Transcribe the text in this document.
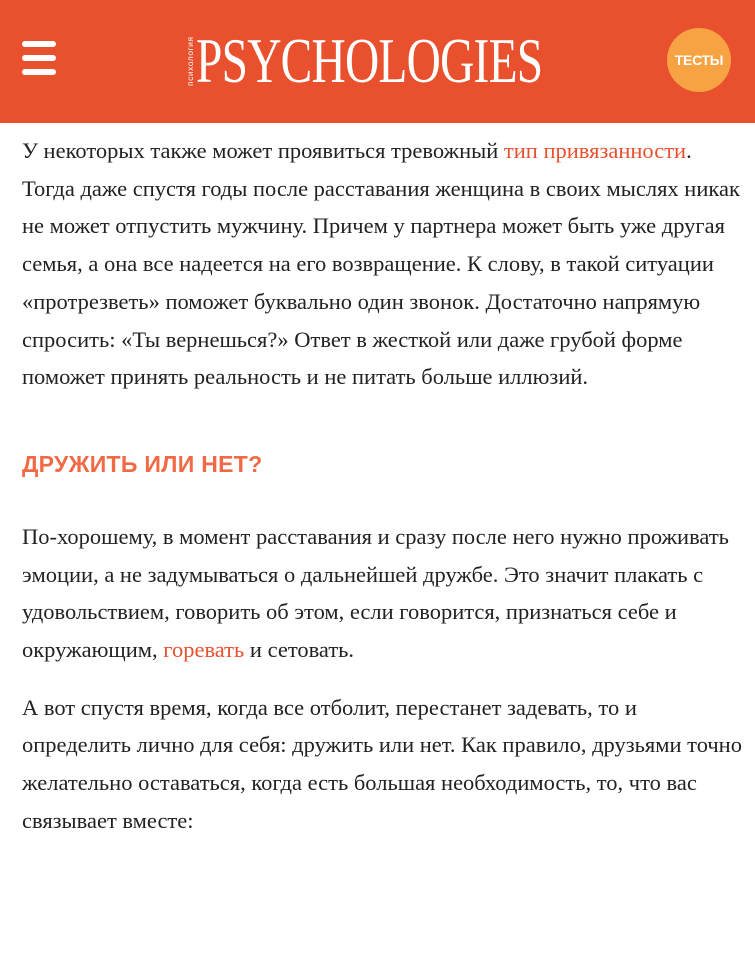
психология PSYCHOLOGIES	ТЕСТЫ

У некоторых также может проявиться тревожный тип привязанности. Тогда даже спустя годы после расставания женщина в своих мыслях никак не может отпустить мужчину. Причем у партнера может быть уже другая семья, а она все надеется на его возвращение. К слову, в такой ситуации «протрезветь» поможет буквально один звонок. Достаточно напрямую спросить: «Ты вернешься?» Ответ в жесткой или даже грубой форме поможет принять реальность и не питать больше иллюзий.

ДРУЖИТЬ ИЛИ НЕТ?

По-хорошему, в момент расставания и сразу после него нужно проживать эмоции, а не задумываться о дальнейшей дружбе. Это значит плакать с удовольствием, говорить об этом, если говорится, признаться себе и окружающим, горевать и сетовать.

А вот спустя время, когда все отболит, перестанет задевать, то и определить лично для себя: дружить или нет. Как правило, друзьями точно желательно оставаться, когда есть большая необходимость, то, что вас связывает вместе:
